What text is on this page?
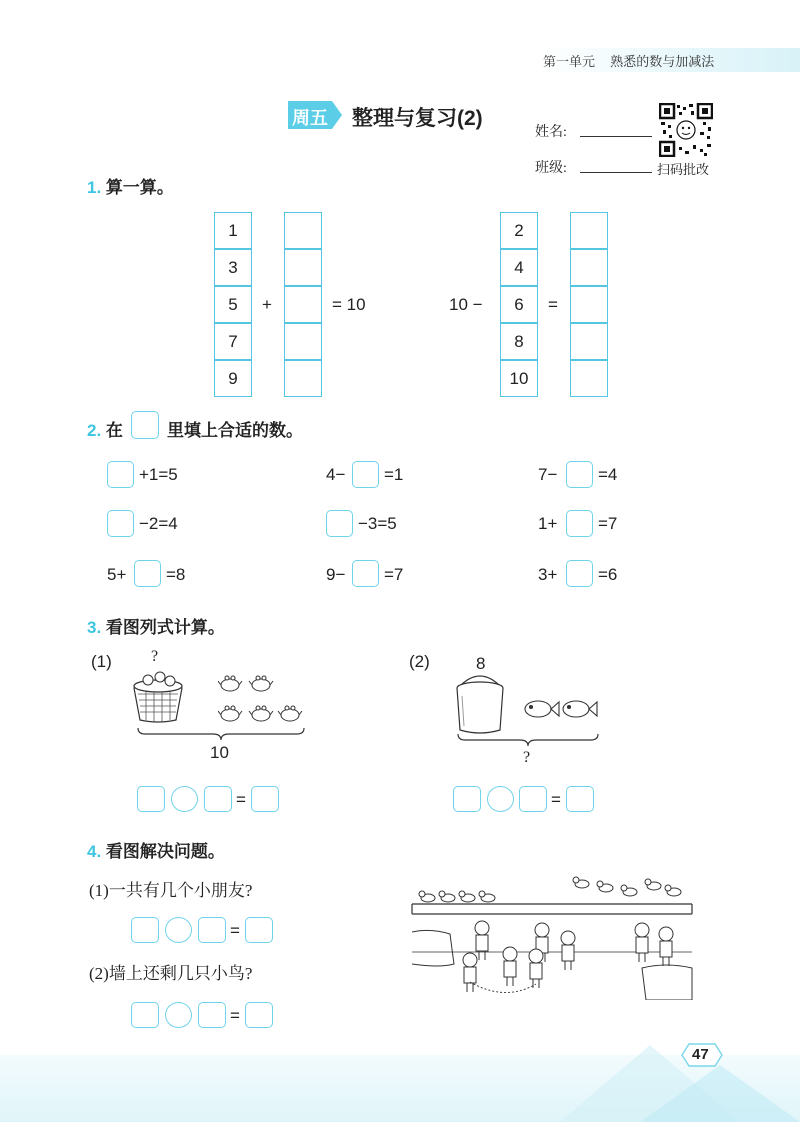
第一单元 熟悉的数与加减法
周五 整理与复习(2)
姓名:
班级:	扫码批改
1. 算一算。
1
3
5
7
9
+	= 10	10 −
2
4
6
8
10
=
2. 在	里填上合适的数。
+1=5	4− =1	7− =4
−2=4	−3=5	1+ =7
5+ =8	9− =7	3+ =6
3. 看图列式计算。
(1) ?
10
=
(2)	8
?
=
4. 看图解决问题。
(1)一共有几个小朋友?
=
(2)墙上还剩几只小鸟?
=
47
